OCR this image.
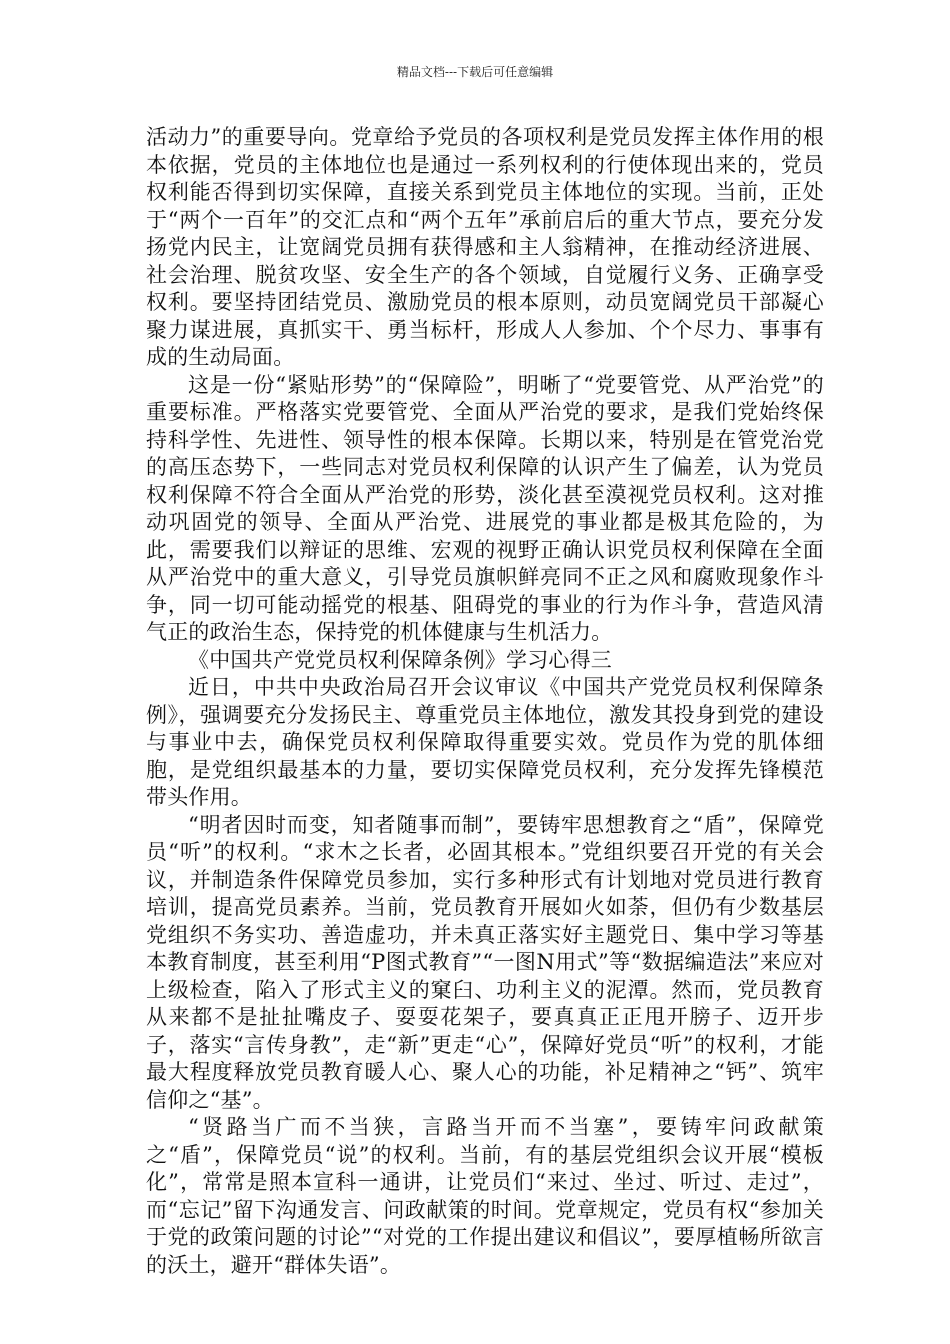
精品文档---下载后可任意编辑

活动力”的重要导向。党章给予党员的各项权利是党员发挥主体作用的根本依据，党员的主体地位也是通过一系列权利的行使体现出来的，党员权利能否得到切实保障，直接关系到党员主体地位的实现。当前，正处于“两个一百年”的交汇点和“两个五年”承前启后的重大节点，要充分发扬党内民主，让宽阔党员拥有获得感和主人翁精神，在推动经济进展、社会治理、脱贫攻坚、安全生产的各个领域，自觉履行义务、正确享受权利。要坚持团结党员、激励党员的根本原则，动员宽阔党员干部凝心聚力谋进展，真抓实干、勇当标杆，形成人人参加、个个尽力、事事有成的生动局面。

这是一份“紧贴形势”的“保障险”，明晰了“党要管党、从严治党”的重要标准。严格落实党要管党、全面从严治党的要求，是我们党始终保持科学性、先进性、领导性的根本保障。长期以来，特别是在管党治党的高压态势下，一些同志对党员权利保障的认识产生了偏差，认为党员权利保障不符合全面从严治党的形势，淡化甚至漠视党员权利。这对推动巩固党的领导、全面从严治党、进展党的事业都是极其危险的，为此，需要我们以辩证的思维、宏观的视野正确认识党员权利保障在全面从严治党中的重大意义，引导党员旗帜鲜亮同不正之风和腐败现象作斗争，同一切可能动摇党的根基、阻碍党的事业的行为作斗争，营造风清气正的政治生态，保持党的机体健康与生机活力。

《中国共产党党员权利保障条例》学习心得三

近日，中共中央政治局召开会议审议《中国共产党党员权利保障条例》，强调要充分发扬民主、尊重党员主体地位，激发其投身到党的建设与事业中去，确保党员权利保障取得重要实效。党员作为党的肌体细胞，是党组织最基本的力量，要切实保障党员权利，充分发挥先锋模范带头作用。

“明者因时而变，知者随事而制”，要铸牢思想教育之“盾”，保障党员“听”的权利。“求木之长者，必固其根本。”党组织要召开党的有关会议，并制造条件保障党员参加，实行多种形式有计划地对党员进行教育培训，提高党员素养。当前，党员教育开展如火如荼，但仍有少数基层党组织不务实功、善造虚功，并未真正落实好主题党日、集中学习等基本教育制度，甚至利用“P图式教育”“一图N用式”等“数据编造法”来应对上级检查，陷入了形式主义的窠臼、功利主义的泥潭。然而，党员教育从来都不是扯扯嘴皮子、耍耍花架子，要真真正正甩开膀子、迈开步子，落实“言传身教”，走“新”更走“心”，保障好党员“听”的权利，才能最大程度释放党员教育暖人心、聚人心的功能，补足精神之“钙”、筑牢信仰之“基”。

“贤路当广而不当狭，言路当开而不当塞”，要铸牢问政献策之“盾”，保障党员“说”的权利。当前，有的基层党组织会议开展“模板化”，常常是照本宣科一通讲，让党员们“来过、坐过、听过、走过”，而“忘记”留下沟通发言、问政献策的时间。党章规定，党员有权“参加关于党的政策问题的讨论”“对党的工作提出建议和倡议”，要厚植畅所欲言的沃土，避开“群体失语”。
